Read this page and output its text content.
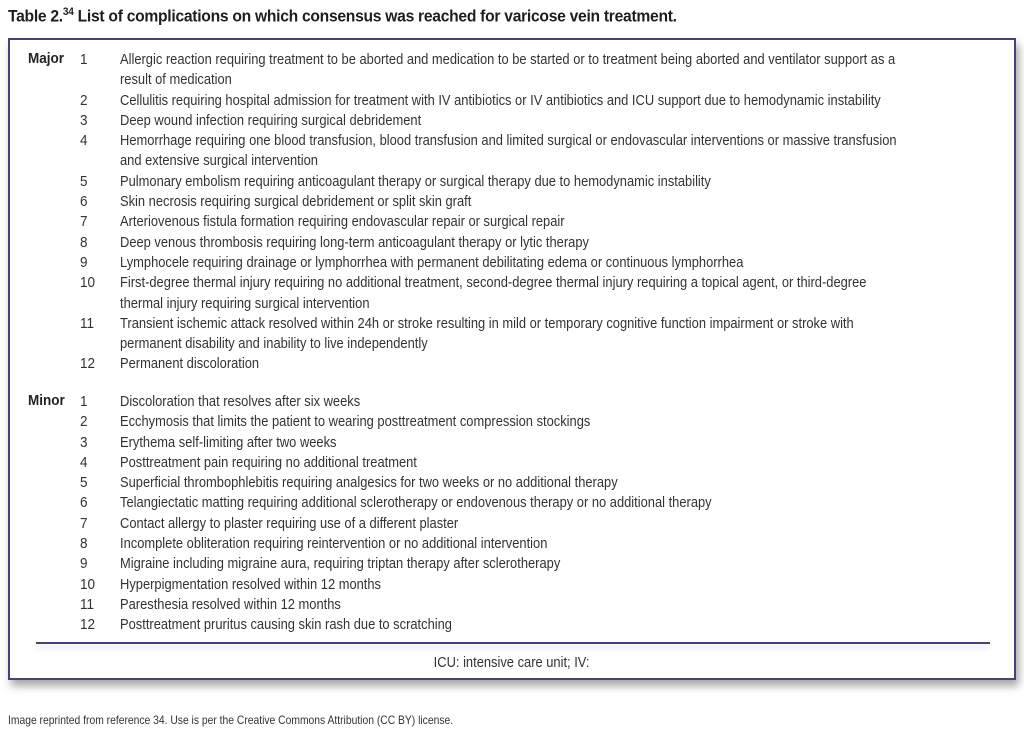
Table 2.34 List of complications on which consensus was reached for varicose vein treatment.
Major 1	Allergic reaction requiring treatment to be aborted and medication to be started or to treatment being aborted and ventilator support as a
result of medication
2	Cellulitis requiring hospital admission for treatment with IV antibiotics or IV antibiotics and ICU support due to hemodynamic instability
3	Deep wound infection requiring surgical debridement
4	Hemorrhage requiring one blood transfusion, blood transfusion and limited surgical or endovascular interventions or massive transfusion
and extensive surgical intervention
5	Pulmonary embolism requiring anticoagulant therapy or surgical therapy due to hemodynamic instability
6	Skin necrosis requiring surgical debridement or split skin graft
7	Arteriovenous fistula formation requiring endovascular repair or surgical repair
8	Deep venous thrombosis requiring long-term anticoagulant therapy or lytic therapy
9	Lymphocele requiring drainage or lymphorrhea with permanent debilitating edema or continuous lymphorrhea
10	First-degree thermal injury requiring no additional treatment, second-degree thermal injury requiring a topical agent, or third-degree
thermal injury requiring surgical intervention
11	Transient ischemic attack resolved within 24h or stroke resulting in mild or temporary cognitive function impairment or stroke with
permanent disability and inability to live independently
12	Permanent discoloration
Minor 1	Discoloration that resolves after six weeks
2	Ecchymosis that limits the patient to wearing posttreatment compression stockings
3	Erythema self-limiting after two weeks
4	Posttreatment pain requiring no additional treatment
5	Superficial thrombophlebitis requiring analgesics for two weeks or no additional therapy
6	Telangiectatic matting requiring additional sclerotherapy or endovenous therapy or no additional therapy
7	Contact allergy to plaster requiring use of a different plaster
8	Incomplete obliteration requiring reintervention or no additional intervention
9	Migraine including migraine aura, requiring triptan therapy after sclerotherapy
10	Hyperpigmentation resolved within 12 months
11	Paresthesia resolved within 12 months
12	Posttreatment pruritus causing skin rash due to scratching
ICU: intensive care unit; IV:
Image reprinted from reference 34. Use is per the Creative Commons Attribution (CC BY) license.
